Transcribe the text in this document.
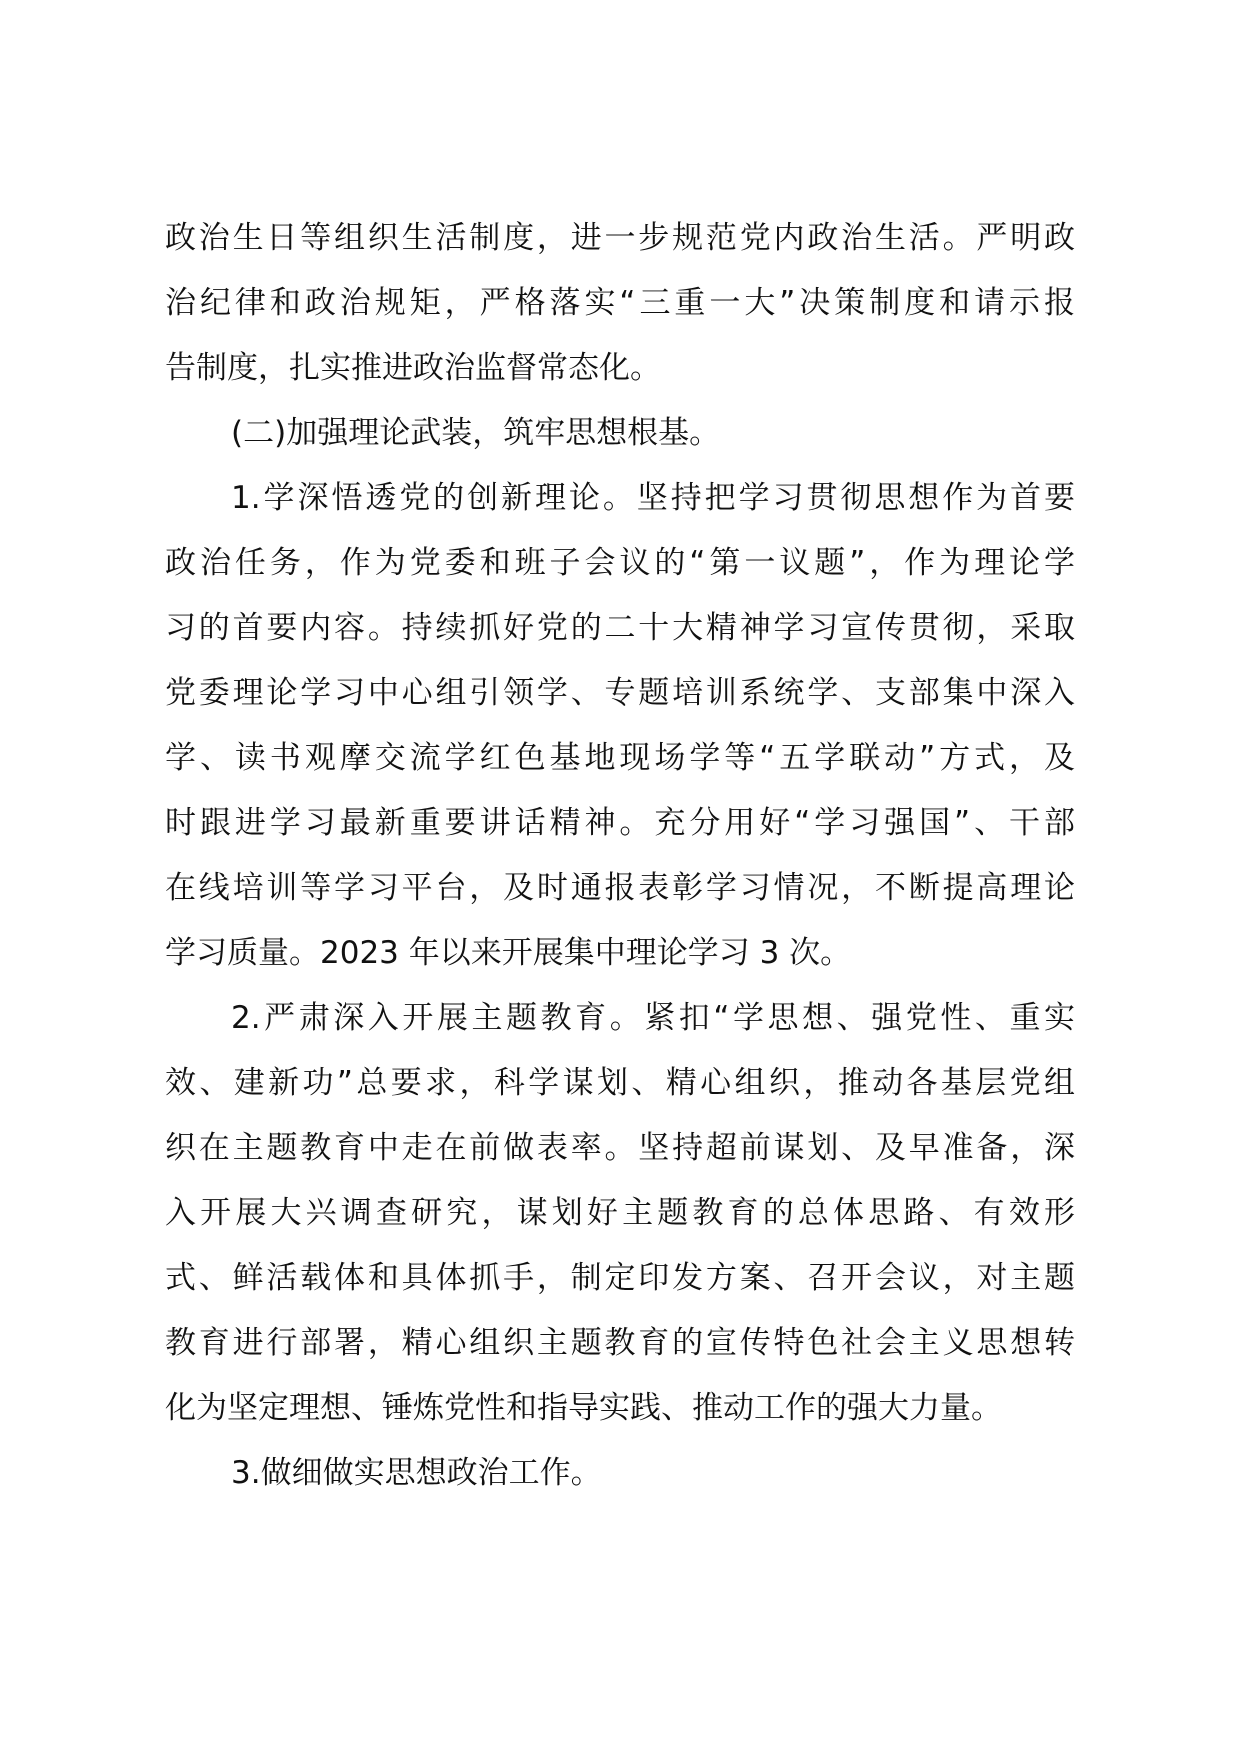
政治生日等组织生活制度，进一步规范党内政治生活。严明政
治纪律和政治规矩，严格落实“三重一大”决策制度和请示报
告制度，扎实推进政治监督常态化。
(二)加强理论武装，筑牢思想根基。
1.学深悟透党的创新理论。坚持把学习贯彻思想作为首要
政治任务，作为党委和班子会议的“第一议题”，作为理论学
习的首要内容。持续抓好党的二十大精神学习宣传贯彻，采取
党委理论学习中心组引领学、专题培训系统学、支部集中深入
学、读书观摩交流学红色基地现场学等“五学联动”方式，及
时跟进学习最新重要讲话精神。充分用好“学习强国”、干部
在线培训等学习平台，及时通报表彰学习情况，不断提高理论
学习质量。2023 年以来开展集中理论学习 3 次。
2.严肃深入开展主题教育。紧扣“学思想、强党性、重实
效、建新功”总要求，科学谋划、精心组织，推动各基层党组
织在主题教育中走在前做表率。坚持超前谋划、及早准备，深
入开展大兴调查研究，谋划好主题教育的总体思路、有效形
式、鲜活载体和具体抓手，制定印发方案、召开会议，对主题
教育进行部署，精心组织主题教育的宣传特色社会主义思想转
化为坚定理想、锤炼党性和指导实践、推动工作的强大力量。
3.做细做实思想政治工作。
